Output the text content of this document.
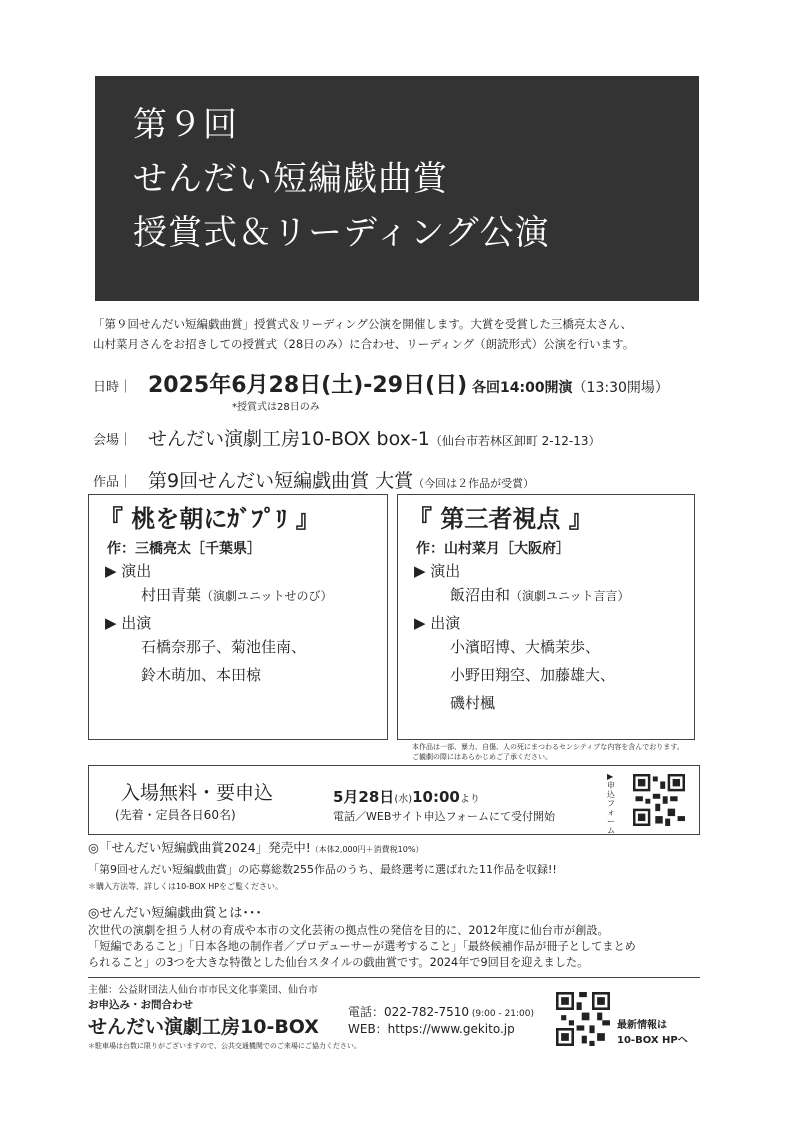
第９回
せんだい短編戯曲賞
授賞式＆リーディング公演
「第９回せんだい短編戯曲賞」授賞式＆リーディング公演を開催します。大賞を受賞した三橋亮太さん、
山村菜月さんをお招きしての授賞式（28日のみ）に合わせ、リーディング（朗読形式）公演を行います。
日時｜ 2025年6月28日(土)-29日(日) 各回14:00開演（13:30開場）
*授賞式は28日のみ
会場｜ せんだい演劇工房10-BOX box-1（仙台市若林区卸町 2-12-13）
作品｜ 第9回せんだい短編戯曲賞 大賞（今回は２作品が受賞）
『 桃を朝にｶﾞﾌﾟﾘ 』
作：三橋亮太［千葉県］
▶ 演出
村田青葉（演劇ユニットせのび）
▶ 出演
石橋奈那子、菊池佳南、
鈴木萌加、本田椋
『 第三者視点 』
作：山村菜月［大阪府］
▶ 演出
飯沼由和（演劇ユニット言言）
▶ 出演
小濱昭博、大橋茉歩、
小野田翔空、加藤雄大、
磯村楓
本作品は一部、暴力、自傷、人の死にまつわるセンシティブな内容を含んでおります。
ご観劇の際にはあらかじめご了承ください。
入場無料・要申込
(先着・定員各日60名)
5月28日(水)10:00より
電話／WEBサイト申込フォームにて受付開始
▶申込フォーム
◎「せんだい短編戯曲賞2024」発売中!（本体2,000円＋消費税10%）
「第9回せんだい短編戯曲賞」の応募総数255作品のうち、最終選考に選ばれた11作品を収録!!
＊購入方法等、詳しくは10-BOX HPをご覧ください。
◎せんだい短編戯曲賞とは･･･
次世代の演劇を担う人材の育成や本市の文化芸術の拠点性の発信を目的に、2012年度に仙台市が創設。
「短編であること」「日本各地の制作者／プロデューサーが選考すること」「最終候補作品が冊子としてまとめ
られること」の3つを大きな特徴とした仙台スタイルの戯曲賞です。2024年で9回目を迎えました。
主催：公益財団法人仙台市市民文化事業団、仙台市
お申込み・お問合わせ
せんだい演劇工房10-BOX
電話：022-782-7510 (9:00 - 21:00)
WEB：https://www.gekito.jp
＊駐車場は台数に限りがございますので、公共交通機関でのご来場にご協力ください。
最新情報は
10-BOX HPへ
